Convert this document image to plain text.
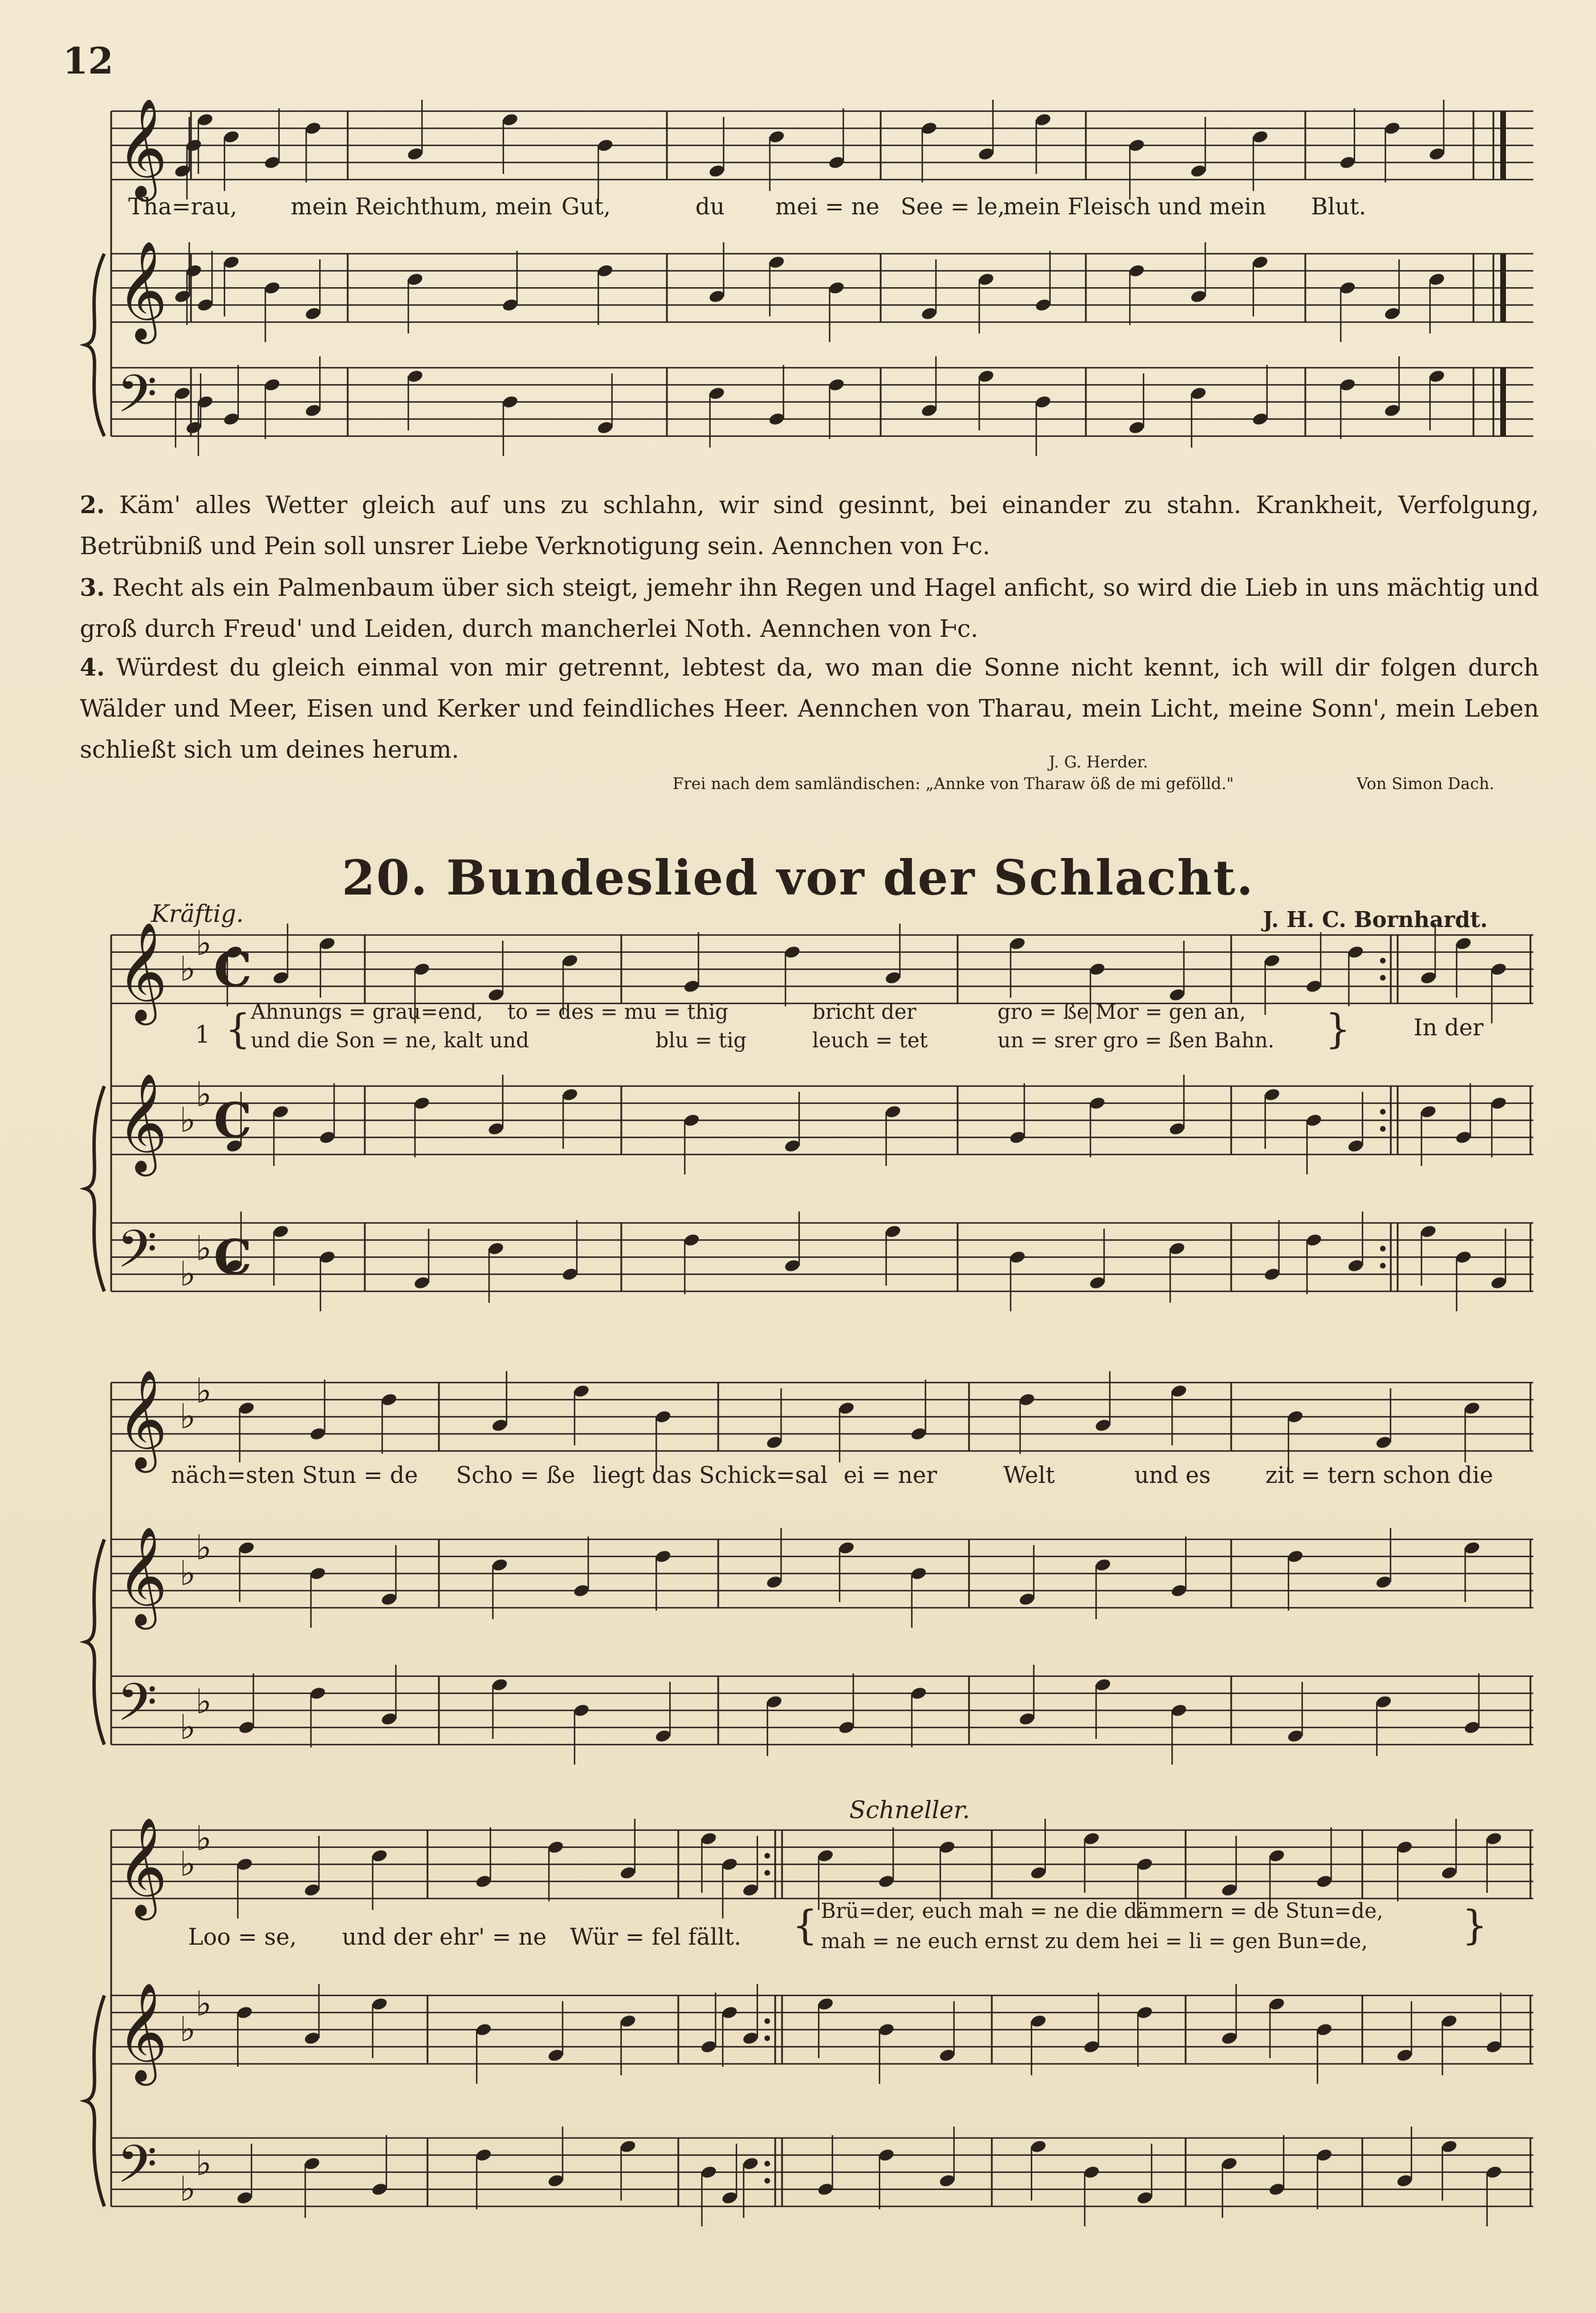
12
𝄞
𝄞
𝄢
𝄞
𝄞
𝄢
𝄞
𝄞
𝄢
𝄞
𝄞
𝄢
♭
♭ C
♭
♭ C
♭
♭ C
♭
♭
♭
♭
♭
♭
♭
♭
♭
♭
♭
♭
Tha=rau, mein Reichthum, mein Gut,	du mei = ne See = le,
mein Fleisch und mein Blut.
2. Käm' alles Wetter gleich auf uns zu schlahn, wir sind gesinnt, bei einander zu stahn. Krankheit, Verfolgung, Betrübniß und Pein soll unsrer Liebe Verknotigung sein. Aennchen von Ⱶc.
3. Recht als ein Palmenbaum über sich steigt, jemehr ihn Regen und Hagel anficht, so wird die Lieb in uns mächtig und groß durch Freud' und Leiden, durch mancherlei Noth. Aennchen von Ⱶc.
4. Würdest du gleich einmal von mir getrennt, lebtest da, wo man die Sonne nicht kennt, ich will dir folgen durch Wälder und Meer, Eisen und Kerker und feindliches Heer. Aennchen von Tharau, mein Licht, meine Sonn', mein Leben schließt sich um deines herum.	J. G. Herder.
Frei nach dem samländischen: „Annke von Tharaw öß de mi gefölld."	Von Simon Dach.
20. Bundeslied vor der Schlacht.
J. H. C. Bornhardt.
Kräftig.
1 { Ahnungs = grau=end, to = des = mu = thig	bricht der	gro = ße Mor = gen an,
und die Son = ne, kalt und	blu = tig	leuch = tet	un = srer gro = ßen Bahn. }	In der
näch=sten Stun = de Scho = ße liegt das Schick=sal ei = ner	Welt	und es zit = tern schon die
Schneller.
Loo = se, und der ehr' = ne Wür = fel fällt. { Brü=der, euch mah = ne die dämmern = de Stun=de,
mah = ne euch ernst zu dem hei = li = gen Bun=de, }
